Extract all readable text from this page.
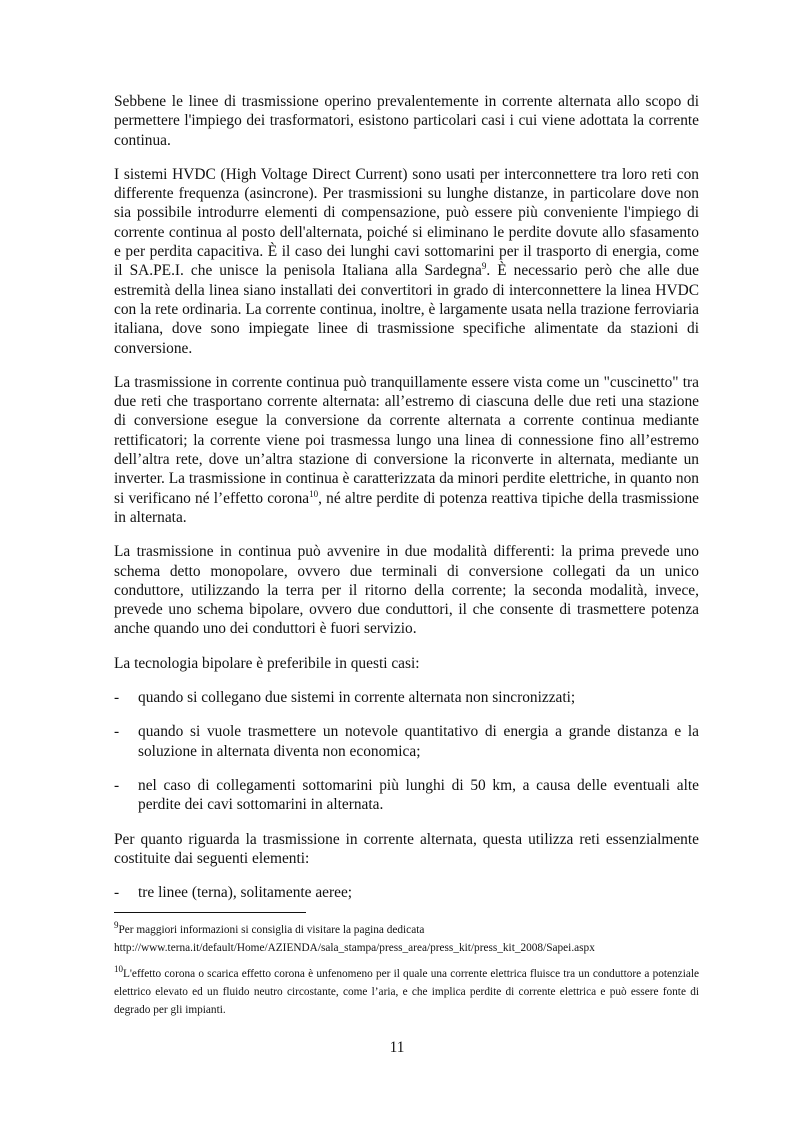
Sebbene le linee di trasmissione operino prevalentemente in corrente alternata allo scopo di permettere l'impiego dei trasformatori, esistono particolari casi i cui viene adottata la corrente continua.

I sistemi HVDC (High Voltage Direct Current) sono usati per interconnettere tra loro reti con differente frequenza (asincrone). Per trasmissioni su lunghe distanze, in particolare dove non sia possibile introdurre elementi di compensazione, può essere più conveniente l'impiego di corrente continua al posto dell'alternata, poiché si eliminano le perdite dovute allo sfasamento e per perdita capacitiva. È il caso dei lunghi cavi sottomarini per il trasporto di energia, come il SA.PE.I. che unisce la penisola Italiana alla Sardegna$^9$. È necessario però che alle due estremità della linea siano installati dei convertitori in grado di interconnettere la linea HVDC con la rete ordinaria. La corrente continua, inoltre, è largamente usata nella trazione ferroviaria italiana, dove sono impiegate linee di trasmissione specifiche alimentate da stazioni di conversione.

La trasmissione in corrente continua può tranquillamente essere vista come un "cuscinetto" tra due reti che trasportano corrente alternata: all’estremo di ciascuna delle due reti una stazione di conversione esegue la conversione da corrente alternata a corrente continua mediante rettificatori; la corrente viene poi trasmessa lungo una linea di connessione fino all’estremo dell’altra rete, dove un’altra stazione di conversione la riconverte in alternata, mediante un inverter. La trasmissione in continua è caratterizzata da minori perdite elettriche, in quanto non si verificano né l’effetto corona$^{10}$, né altre perdite di potenza reattiva tipiche della trasmissione in alternata.

La trasmissione in continua può avvenire in due modalità differenti: la prima prevede uno schema detto monopolare, ovvero due terminali di conversione collegati da un unico conduttore, utilizzando la terra per il ritorno della corrente; la seconda modalità, invece, prevede uno schema bipolare, ovvero due conduttori, il che consente di trasmettere potenza anche quando uno dei conduttori è fuori servizio.

La tecnologia bipolare è preferibile in questi casi:

- quando si collegano due sistemi in corrente alternata non sincronizzati;
- quando si vuole trasmettere un notevole quantitativo di energia a grande distanza e la soluzione in alternata diventa non economica;
- nel caso di collegamenti sottomarini più lunghi di 50 km, a causa delle eventuali alte perdite dei cavi sottomarini in alternata.

Per quanto riguarda la trasmissione in corrente alternata, questa utilizza reti essenzialmente costituite dai seguenti elementi:

- tre linee (terna), solitamente aeree;
$^9$Per maggiori informazioni si consiglia di visitare la pagina dedicata
http://www.terna.it/default/Home/AZIENDA/sala_stampa/press_area/press_kit/press_kit_2008/Sapei.aspx
$^{10}$L'effetto corona o scarica effetto corona è unfenomeno per il quale una corrente elettrica fluisce tra un conduttore a potenziale elettrico elevato ed un fluido neutro circostante, come l’aria, e che implica perdite di corrente elettrica e può essere fonte di degrado per gli impianti.
11
